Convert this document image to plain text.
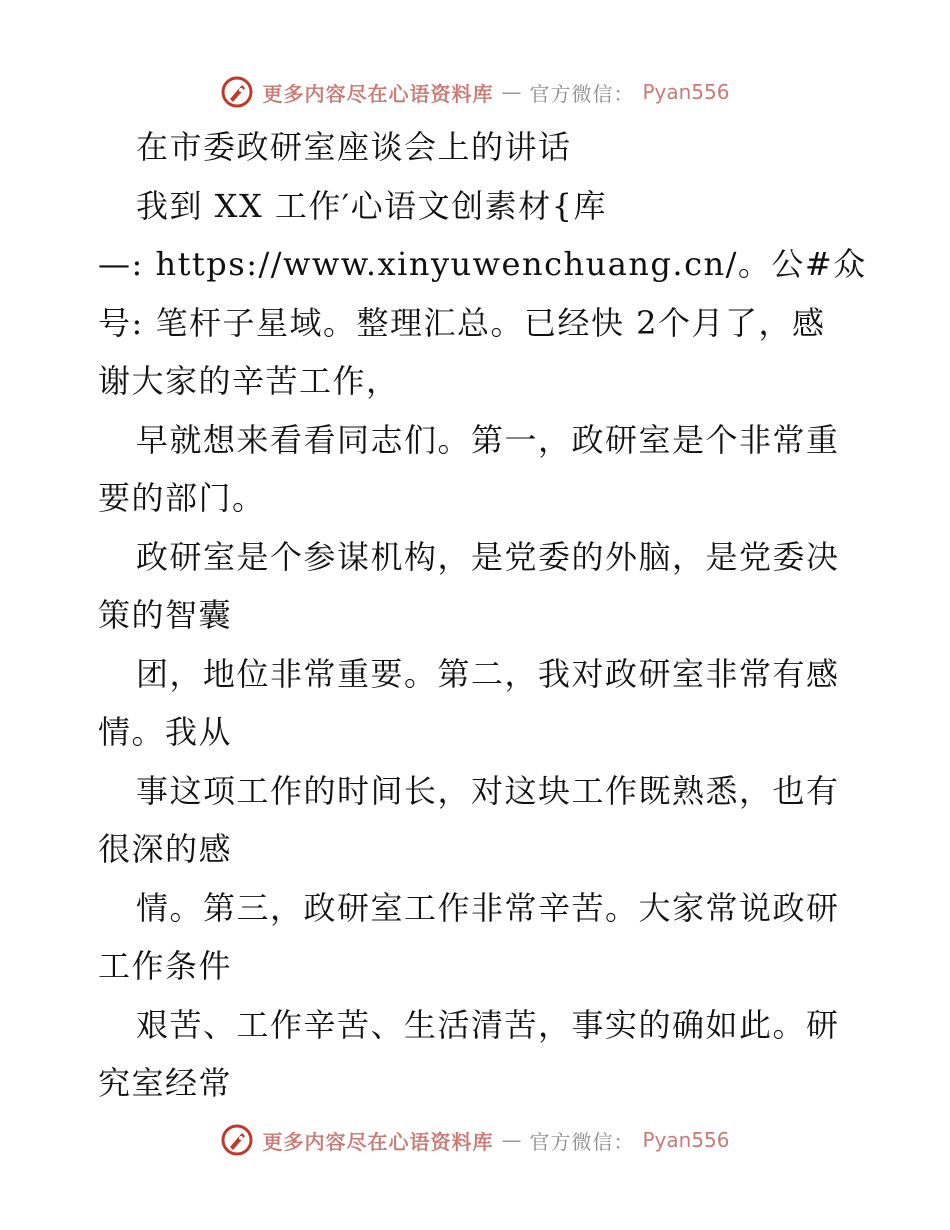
更多内容尽在心语资料库 — 官方微信： Pyan556
在市委政研室座谈会上的讲话
我到 XX 工作′心语文创素材{库
—: https://www.xinyuwenchuang.cn/。公#众
号: 笔杆子星域。整理汇总。已经快 2个月了，感
谢大家的辛苦工作，
早就想来看看同志们。第一，政研室是个非常重
要的部门。
政研室是个参谋机构，是党委的外脑，是党委决
策的智囊
团，地位非常重要。第二，我对政研室非常有感
情。我从
事这项工作的时间长，对这块工作既熟悉，也有
很深的感
情。第三，政研室工作非常辛苦。大家常说政研
工作条件
艰苦、工作辛苦、生活清苦，事实的确如此。研
究室经常
更多内容尽在心语资料库 — 官方微信： Pyan556
